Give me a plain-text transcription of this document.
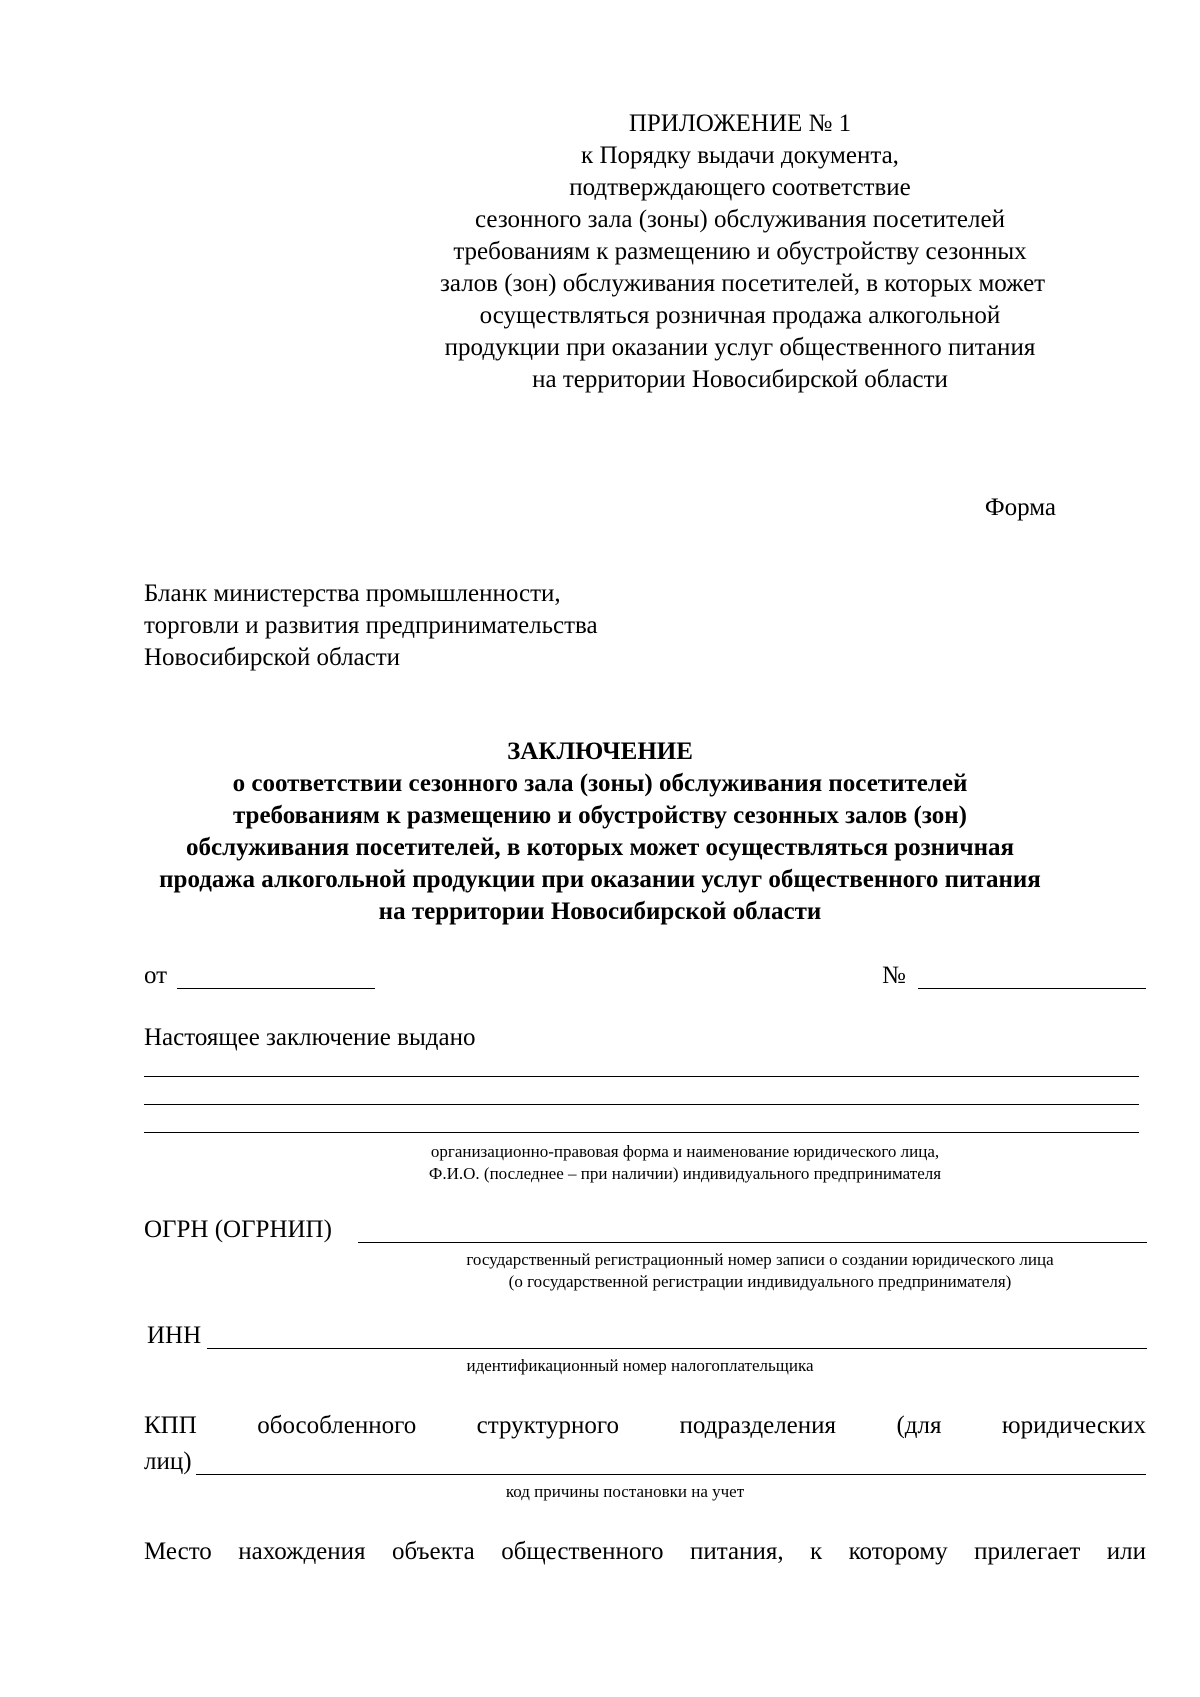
ПРИЛОЖЕНИЕ № 1
к Порядку выдачи документа,
подтверждающего соответствие
сезонного зала (зоны) обслуживания посетителей
требованиям к размещению и обустройству сезонных
залов (зон) обслуживания посетителей, в которых может
осуществляться розничная продажа алкогольной
продукции при оказании услуг общественного питания
на территории Новосибирской области
Форма
Бланк министерства промышленности,
торговли и развития предпринимательства
Новосибирской области
ЗАКЛЮЧЕНИЕ
о соответствии сезонного зала (зоны) обслуживания посетителей
требованиям к размещению и обустройству сезонных залов (зон)
обслуживания посетителей, в которых может осуществляться розничная
продажа алкогольной продукции при оказании услуг общественного питания
на территории Новосибирской области
от	№
Настоящее заключение выдано
организационно-правовая форма и наименование юридического лица,
Ф.И.О. (последнее – при наличии) индивидуального предпринимателя
ОГРН (ОГРНИП)
государственный регистрационный номер записи о создании юридического лица
(о государственной регистрации индивидуального предпринимателя)
ИНН
идентификационный номер налогоплательщика
КПП обособленного структурного подразделения (для юридических
лиц)
код причины постановки на учет
Место нахождения объекта общественного питания, к которому прилегает или
